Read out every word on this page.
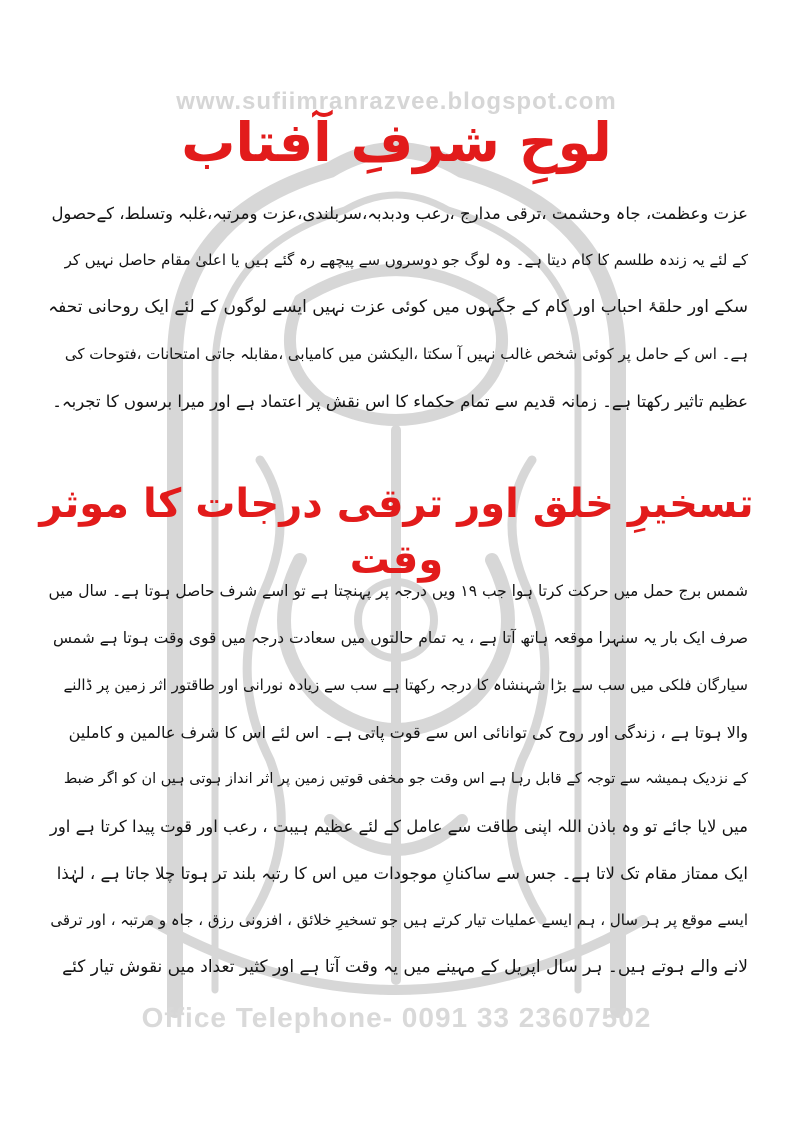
www.sufiimranrazvee.blogspot.com
لوحِ شرفِ آفتاب
عزت وعظمت، جاہ وحشمت ،ترقی مدارج ،رعب ودبدبہ،سربلندی،عزت ومرتبہ،غلبہ وتسلط، کےحصول
کے لئے یہ زندہ طلسم کا کام دیتا ہے۔ وہ لوگ جو دوسروں سے پیچھے رہ گئے ہیں یا اعلیٰ مقام حاصل نہیں کر
سکے اور حلقۂ احباب اور کام کے جگہوں میں کوئی عزت نہیں ایسے لوگوں کے لئے ایک روحانی تحفہ
ہے۔ اس کے حامل پر کوئی شخص غالب نہیں آ سکتا ،الیکشن میں کامیابی ،مقابلہ جاتی امتحانات ،فتوحات کی
عظیم تاثیر رکھتا ہے۔ زمانہ قدیم سے تمام حکماء کا اس نقش پر اعتماد ہے اور میرا برسوں کا تجربہ۔
تسخیرِ خلق اور ترقی درجات کا موثر وقت
شمس برج حمل میں حرکت کرتا ہوا جب ۱۹ ویں درجہ پر پہنچتا ہے تو اسے شرف حاصل ہوتا ہے۔ سال میں
صرف ایک بار یہ سنہرا موقعہ ہاتھ آتا ہے ، یہ تمام حالتوں میں سعادت درجہ میں قوی وقت ہوتا ہے شمس
سیارگان فلکی میں سب سے بڑا شہنشاہ کا درجہ رکھتا ہے سب سے زیادہ نورانی اور طاقتور اثر زمین پر ڈالنے
والا ہوتا ہے ، زندگی اور روح کی توانائی اس سے قوت پاتی ہے۔ اس لئے اس کا شرف عالمین و کاملین
کے نزدیک ہمیشہ سے توجہ کے قابل رہا ہے اس وقت جو مخفی قوتیں زمین پر اثر انداز ہوتی ہیں ان کو اگر ضبط
میں لایا جائے تو وہ باذن اللہ اپنی طاقت سے عامل کے لئے عظیم ہیبت ، رعب اور قوت پیدا کرتا ہے اور
ایک ممتاز مقام تک لاتا ہے۔ جس سے ساکنانِ موجودات میں اس کا رتبہ بلند تر ہوتا چلا جاتا ہے ، لہٰذا
ایسے موقع پر ہر سال ، ہم ایسے عملیات تیار کرتے ہیں جو تسخیرِ خلائق ، افزونی رزق ، جاہ و مرتبہ ، اور ترقی
لانے والے ہوتے ہیں۔ ہر سال اپریل کے مہینے میں یہ وقت آتا ہے اور کثیر تعداد میں نقوش تیار کئے
Office Telephone- 0091 33 23607502
